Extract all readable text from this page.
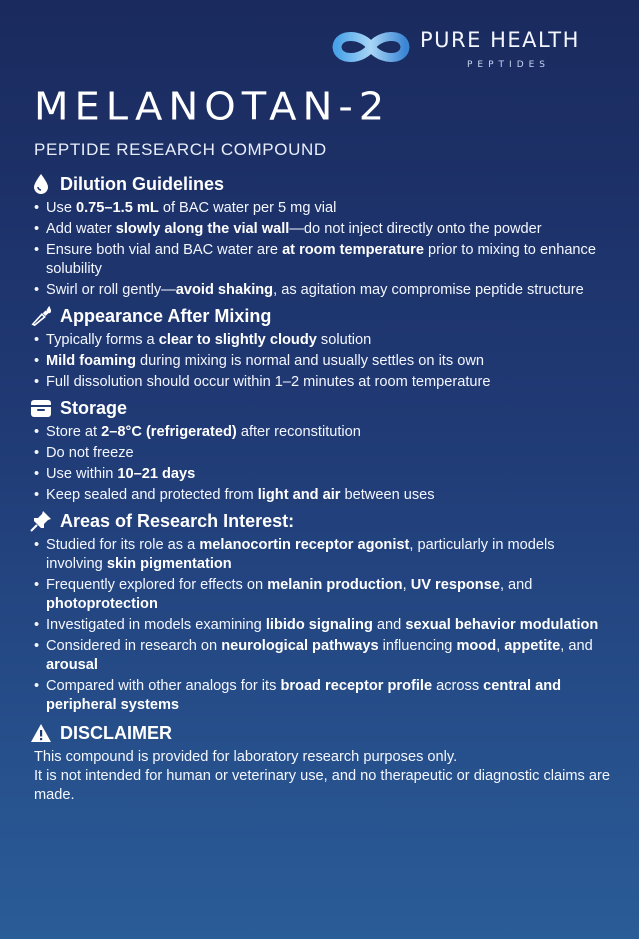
PURE HEALTH
PEPTIDES
MELANOTAN-2
PEPTIDE RESEARCH COMPOUND
Dilution Guidelines
• Use 0.75–1.5 mL of BAC water per 5 mg vial
• Add water slowly along the vial wall—do not inject directly onto the powder
• Ensure both vial and BAC water are at room temperature prior to mixing to enhance solubility
• Swirl or roll gently—avoid shaking, as agitation may compromise peptide structure
Appearance After Mixing
• Typically forms a clear to slightly cloudy solution
• Mild foaming during mixing is normal and usually settles on its own
• Full dissolution should occur within 1–2 minutes at room temperature
Storage
• Store at 2–8°C (refrigerated) after reconstitution
• Do not freeze
• Use within 10–21 days
• Keep sealed and protected from light and air between uses
Areas of Research Interest:
• Studied for its role as a melanocortin receptor agonist, particularly in models involving skin pigmentation
• Frequently explored for effects on melanin production, UV response, and photoprotection
• Investigated in models examining libido signaling and sexual behavior modulation
• Considered in research on neurological pathways influencing mood, appetite, and arousal
• Compared with other analogs for its broad receptor profile across central and peripheral systems
DISCLAIMER

This compound is provided for laboratory research purposes only.

It is not intended for human or veterinary use, and no therapeutic or diagnostic claims are made.
